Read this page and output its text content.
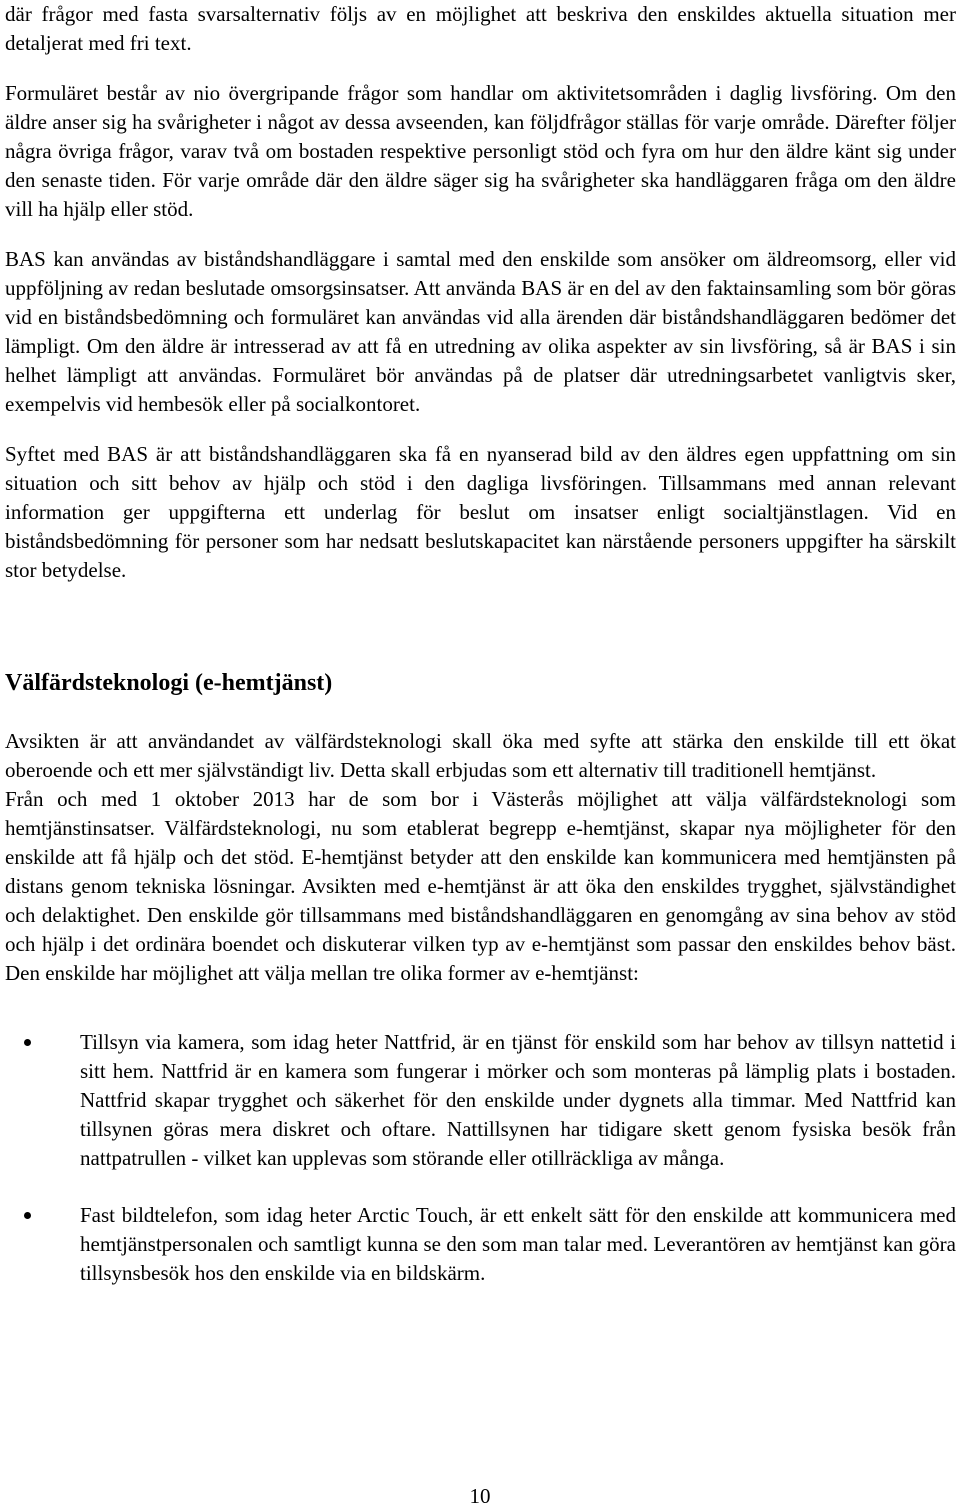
där frågor med fasta svarsalternativ följs av en möjlighet att beskriva den enskildes aktuella situation mer detaljerat med fri text.

Formuläret består av nio övergripande frågor som handlar om aktivitetsområden i daglig livsföring. Om den äldre anser sig ha svårigheter i något av dessa avseenden, kan följdfrågor ställas för varje område. Därefter följer några övriga frågor, varav två om bostaden respektive personligt stöd och fyra om hur den äldre känt sig under den senaste tiden. För varje område där den äldre säger sig ha svårigheter ska handläggaren fråga om den äldre vill ha hjälp eller stöd.

BAS kan användas av biståndshandläggare i samtal med den enskilde som ansöker om äldreomsorg, eller vid uppföljning av redan beslutade omsorgsinsatser. Att använda BAS är en del av den faktainsamling som bör göras vid en biståndsbedömning och formuläret kan användas vid alla ärenden där biståndshandläggaren bedömer det lämpligt. Om den äldre är intresserad av att få en utredning av olika aspekter av sin livsföring, så är BAS i sin helhet lämpligt att användas. Formuläret bör användas på de platser där utredningsarbetet vanligtvis sker, exempelvis vid hembesök eller på socialkontoret.

Syftet med BAS är att biståndshandläggaren ska få en nyanserad bild av den äldres egen uppfattning om sin situation och sitt behov av hjälp och stöd i den dagliga livsföringen. Tillsammans med annan relevant information ger uppgifterna ett underlag för beslut om insatser enligt socialtjänstlagen. Vid en biståndsbedömning för personer som har nedsatt beslutskapacitet kan närstående personers uppgifter ha särskilt stor betydelse.

Välfärdsteknologi (e-hemtjänst)

Avsikten är att användandet av välfärdsteknologi skall öka med syfte att stärka den enskilde till ett ökat oberoende och ett mer självständigt liv. Detta skall erbjudas som ett alternativ till traditionell hemtjänst.

Från och med 1 oktober 2013 har de som bor i Västerås möjlighet att välja välfärdsteknologi som hemtjänstinsatser. Välfärdsteknologi, nu som etablerat begrepp e-hemtjänst, skapar nya möjligheter för den enskilde att få hjälp och det stöd. E-hemtjänst betyder att den enskilde kan kommunicera med hemtjänsten på distans genom tekniska lösningar. Avsikten med e-hemtjänst är att öka den enskildes trygghet, självständighet och delaktighet. Den enskilde gör tillsammans med biståndshandläggaren en genomgång av sina behov av stöd och hjälp i det ordinära boendet och diskuterar vilken typ av e-hemtjänst som passar den enskildes behov bäst. Den enskilde har möjlighet att välja mellan tre olika former av e-hemtjänst:

Tillsyn via kamera, som idag heter Nattfrid, är en tjänst för enskild som har behov av tillsyn nattetid i sitt hem. Nattfrid är en kamera som fungerar i mörker och som monteras på lämplig plats i bostaden. Nattfrid skapar trygghet och säkerhet för den enskilde under dygnets alla timmar. Med Nattfrid kan tillsynen göras mera diskret och oftare. Nattillsynen har tidigare skett genom fysiska besök från nattpatrullen - vilket kan upplevas som störande eller otillräckliga av många.

Fast bildtelefon, som idag heter Arctic Touch, är ett enkelt sätt för den enskilde att kommunicera med hemtjänstpersonalen och samtligt kunna se den som man talar med. Leverantören av hemtjänst kan göra tillsynsbesök hos den enskilde via en bildskärm.

10
